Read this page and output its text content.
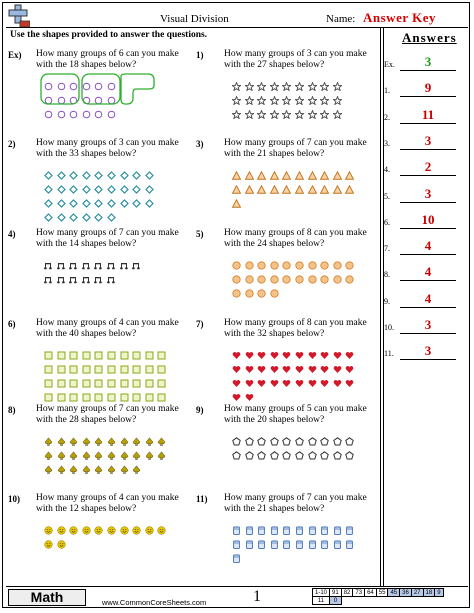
Visual Division	Name: Answer Key
Use the shapes provided to answer the questions.	Answers
Ex.	3
1.	9
2.	11
3.	3
4.	2
5.	3
6.	10
7.	4
8.	4
9.	4
10.	3
11.	3
Ex) How many groups of 6 can you make
with the 18 shapes below?
1) How many groups of 3 can you make
with the 27 shapes below?
2) How many groups of 3 can you make
with the 33 shapes below?
3) How many groups of 7 can you make
with the 21 shapes below?
4) How many groups of 7 can you make
with the 14 shapes below?
5) How many groups of 8 can you make
with the 24 shapes below?
6) How many groups of 4 can you make
with the 40 shapes below?
7) How many groups of 8 can you make
with the 32 shapes below?
8) How many groups of 7 can you make
with the 28 shapes below?
9) How many groups of 5 can you make
with the 20 shapes below?
10) How many groups of 4 can you make
with the 12 shapes below?
11) How many groups of 7 can you make
with the 21 shapes below?
Math	www.CommonCoreSheets.com	1	1-10	91	82	73	64	55	45	36	27	18	9
11	0									
